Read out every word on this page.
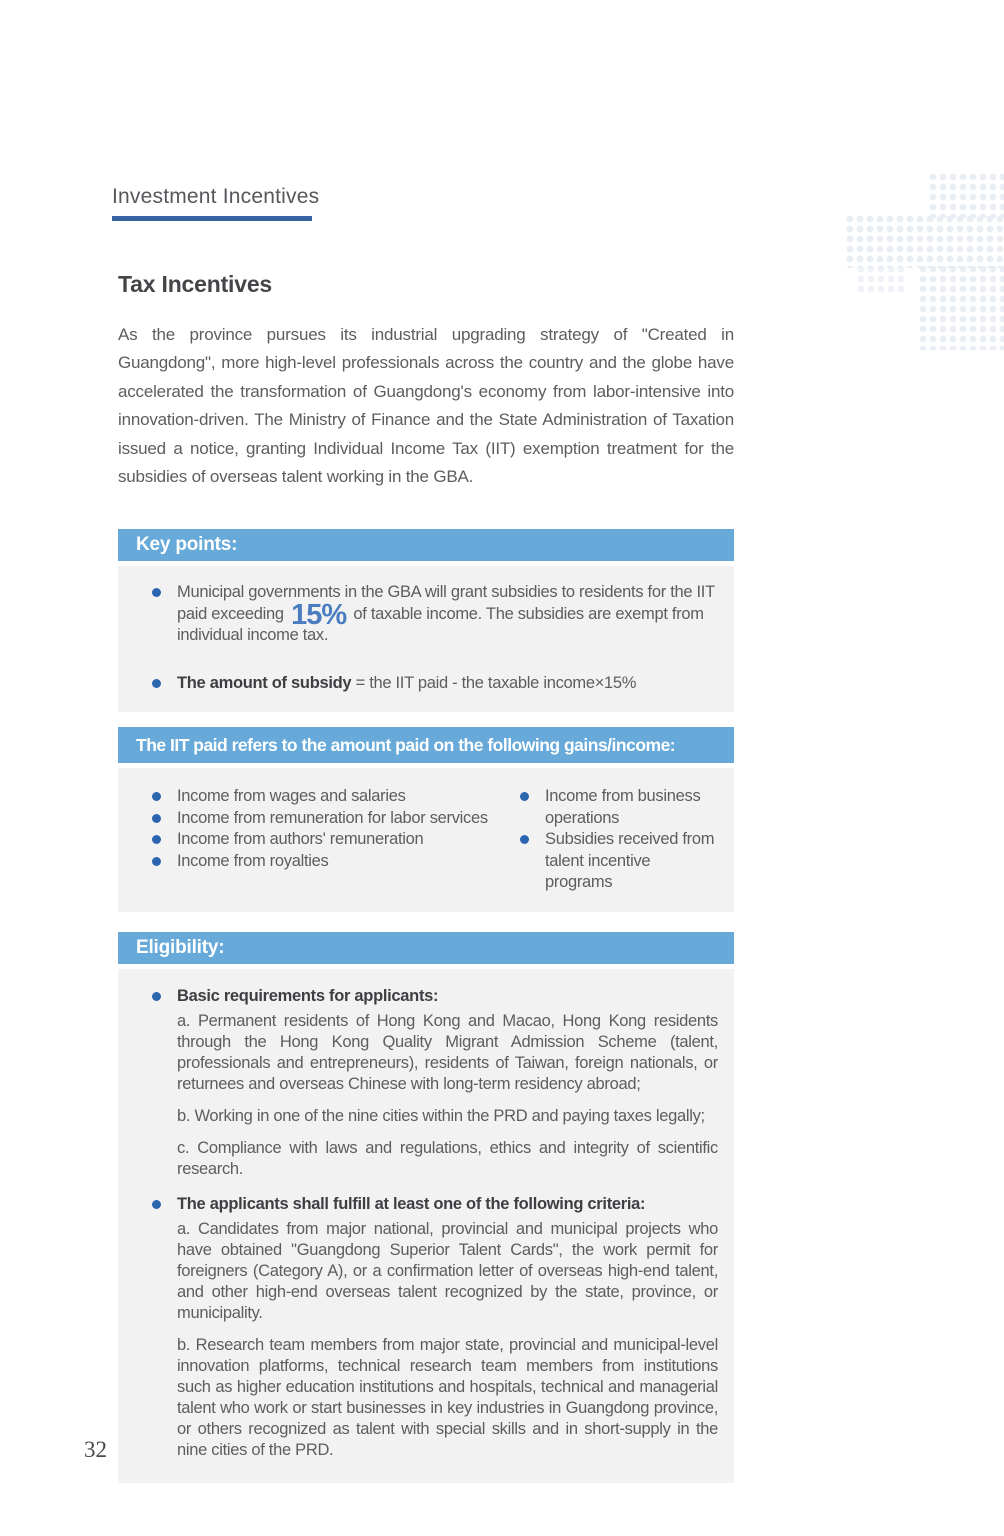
Investment Incentives
Tax Incentives

As the province pursues its industrial upgrading strategy of "Created in Guangdong", more high-level professionals across the country and the globe have accelerated the transformation of Guangdong's economy from labor-intensive into innovation-driven. The Ministry of Finance and the State Administration of Taxation issued a notice, granting Individual Income Tax (IIT) exemption treatment for the subsidies of overseas talent working in the GBA.

Key points:
Municipal governments in the GBA will grant subsidies to residents for the IIT paid exceeding 15% of taxable income. The subsidies are exempt from individual income tax.
The amount of subsidy = the IIT paid - the taxable income×15%
The IIT paid refers to the amount paid on the following gains/income:
Income from wages and salaries
Income from remuneration for labor services
Income from authors' remuneration
Income from royalties
Income from business operations
Subsidies received from talent incentive programs
Eligibility:
Basic requirements for applicants:

a. Permanent residents of Hong Kong and Macao, Hong Kong residents through the Hong Kong Quality Migrant Admission Scheme (talent, professionals and entrepreneurs), residents of Taiwan, foreign nationals, or returnees and overseas Chinese with long-term residency abroad;

b. Working in one of the nine cities within the PRD and paying taxes legally;

c. Compliance with laws and regulations, ethics and integrity of scientific research.

The applicants shall fulfill at least one of the following criteria:

a. Candidates from major national, provincial and municipal projects who have obtained "Guangdong Superior Talent Cards", the work permit for foreigners (Category A), or a confirmation letter of overseas high-end talent, and other high-end overseas talent recognized by the state, province, or municipality.

b. Research team members from major state, provincial and municipal-level innovation platforms, technical research team members from institutions such as higher education institutions and hospitals, technical and managerial talent who work or start businesses in key industries in Guangdong province, or others recognized as talent with special skills and in short-supply in the nine cities of the PRD.

32
